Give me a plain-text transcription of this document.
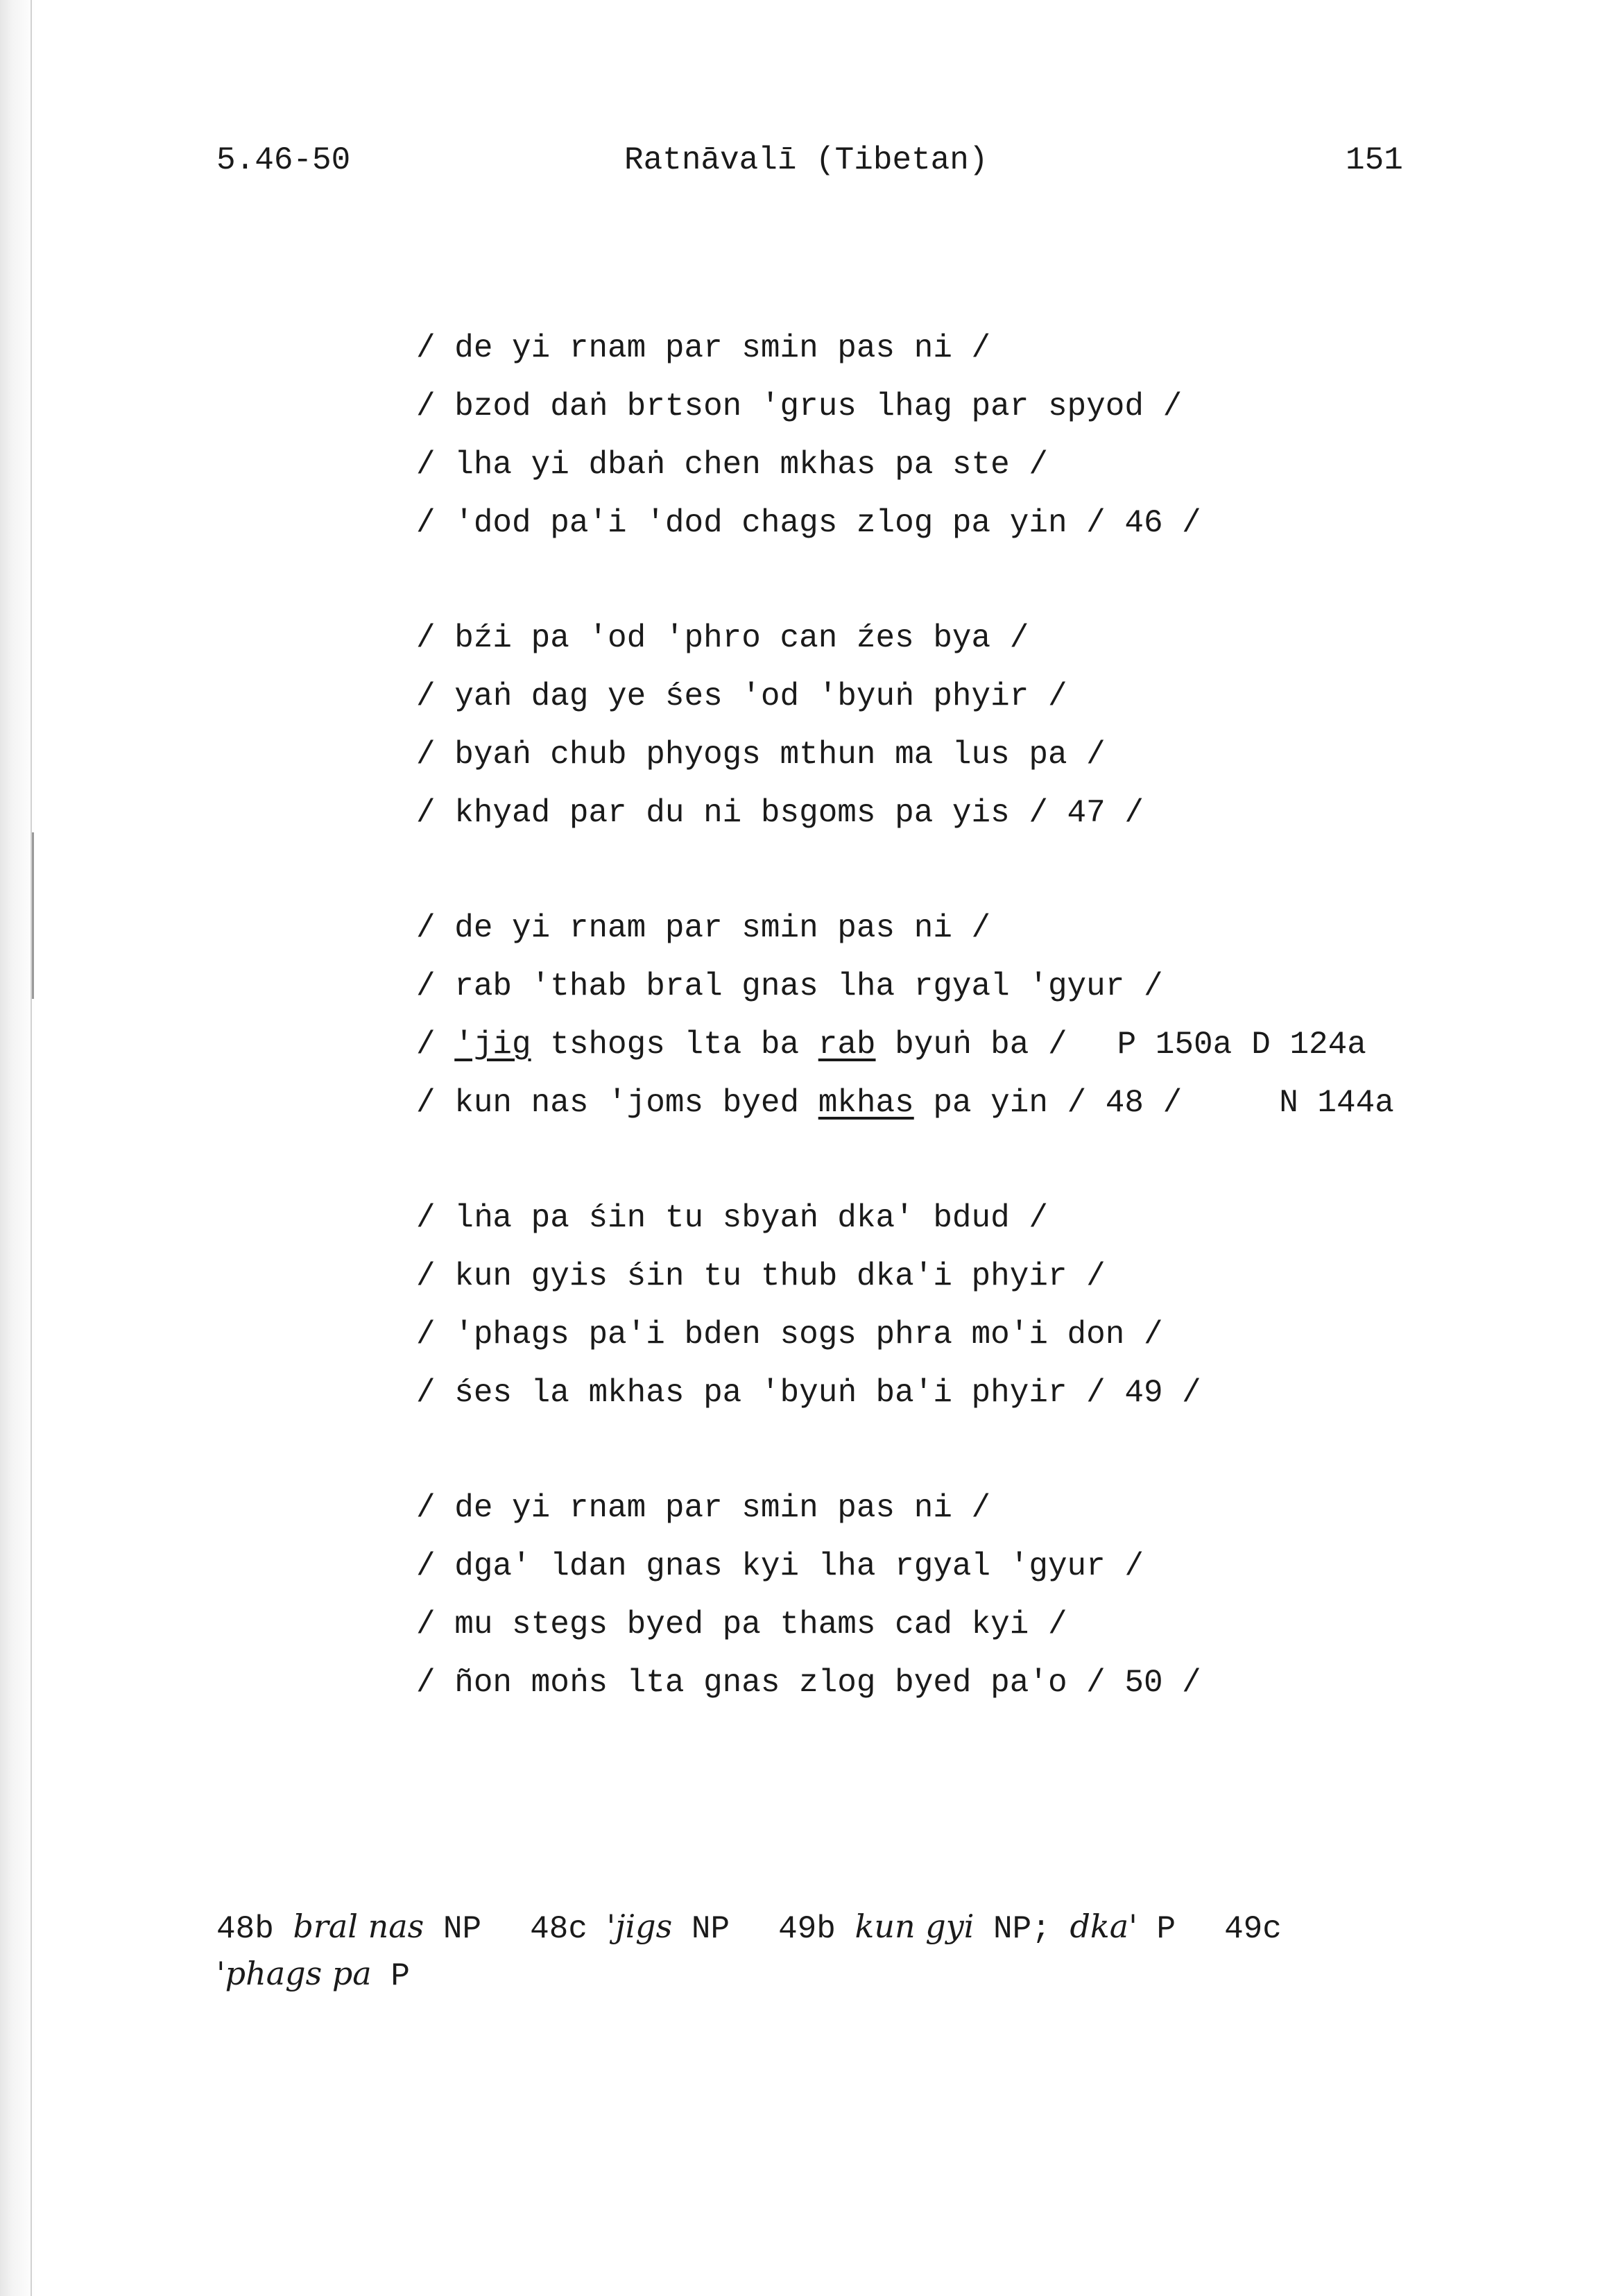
5.46-50	Ratnāvalī (Tibetan)	151
/ de yi rnam par smin pas ni /
/ bzod daṅ brtson 'grus lhag par spyod /
/ lha yi dbaṅ chen mkhas pa ste /
/ 'dod pa'i 'dod chags zlog pa yin / 46 /
/ bźi pa 'od 'phro can źes bya /
/ yaṅ dag ye śes 'od 'byuṅ phyir /
/ byaṅ chub phyogs mthun ma lus pa /
/ khyad par du ni bsgoms pa yis / 47 /
/ de yi rnam par smin pas ni /
/ rab 'thab bral gnas lha rgyal 'gyur /
/ 'jig tshogs lta ba rab byuṅ ba / P 150a D 124a
/ kun nas 'joms byed mkhas pa yin / 48 /	N 144a
/ lṅa pa śin tu sbyaṅ dka' bdud /
/ kun gyis śin tu thub dka'i phyir /
/ 'phags pa'i bden sogs phra mo'i don /
/ śes la mkhas pa 'byuṅ ba'i phyir / 49 /
/ de yi rnam par smin pas ni /
/ dga' ldan gnas kyi lha rgyal 'gyur /
/ mu stegs byed pa thams cad kyi /
/ ñon moṅs lta gnas zlog byed pa'o / 50 /
48b bral nas NP 48c 'jigs NP 49b kun gyi NP; dka' P 49c
'phags pa P
